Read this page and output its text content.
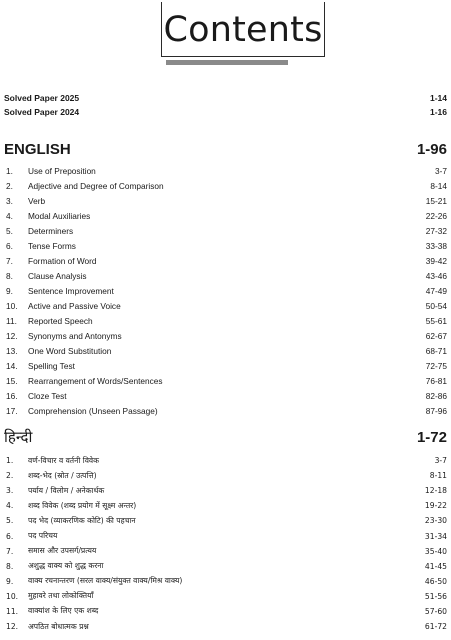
Contents
Solved Paper 2025	1-14
Solved Paper 2024	1-16
ENGLISH	1-96
1.	Use of Preposition	3-7
2.	Adjective and Degree of Comparison	8-14
3.	Verb	15-21
4.	Modal Auxiliaries	22-26
5.	Determiners	27-32
6.	Tense Forms	33-38
7.	Formation of Word	39-42
8.	Clause Analysis	43-46
9.	Sentence Improvement	47-49
10.	Active and Passive Voice	50-54
11.	Reported Speech	55-61
12.	Synonyms and Antonyms	62-67
13.	One Word Substitution	68-71
14.	Spelling Test	72-75
15.	Rearrangement of Words/Sentences	76-81
16.	Cloze Test	82-86
17.	Comprehension (Unseen Passage)	87-96
हिन्दी	1-72
1.	वर्ण-विचार व वर्तनी विवेक	3-7
2.	शब्द-भेद (स्रोत / उत्पत्ति)	8-11
3.	पर्याय / विलोम / अनेकार्थक	12-18
4.	शब्द विवेक (शब्द प्रयोग में सूक्ष्म अन्तर)	19-22
5.	पद भेद (व्याकरणिक कोटि) की पहचान	23-30
6.	पद परिचय	31-34
7.	समास और उपसर्ग/प्रत्यय	35-40
8.	अशुद्ध वाक्य को शुद्ध करना	41-45
9.	वाक्य रचनान्तरण (सरल वाक्य/संयुक्त वाक्य/मिश्र वाक्य)	46-50
10.	मुहावरे तथा लोकोक्तियाँ	51-56
11.	वाक्यांश के लिए एक शब्द	57-60
12.	अपठित बोधात्मक प्रश्न	61-72
